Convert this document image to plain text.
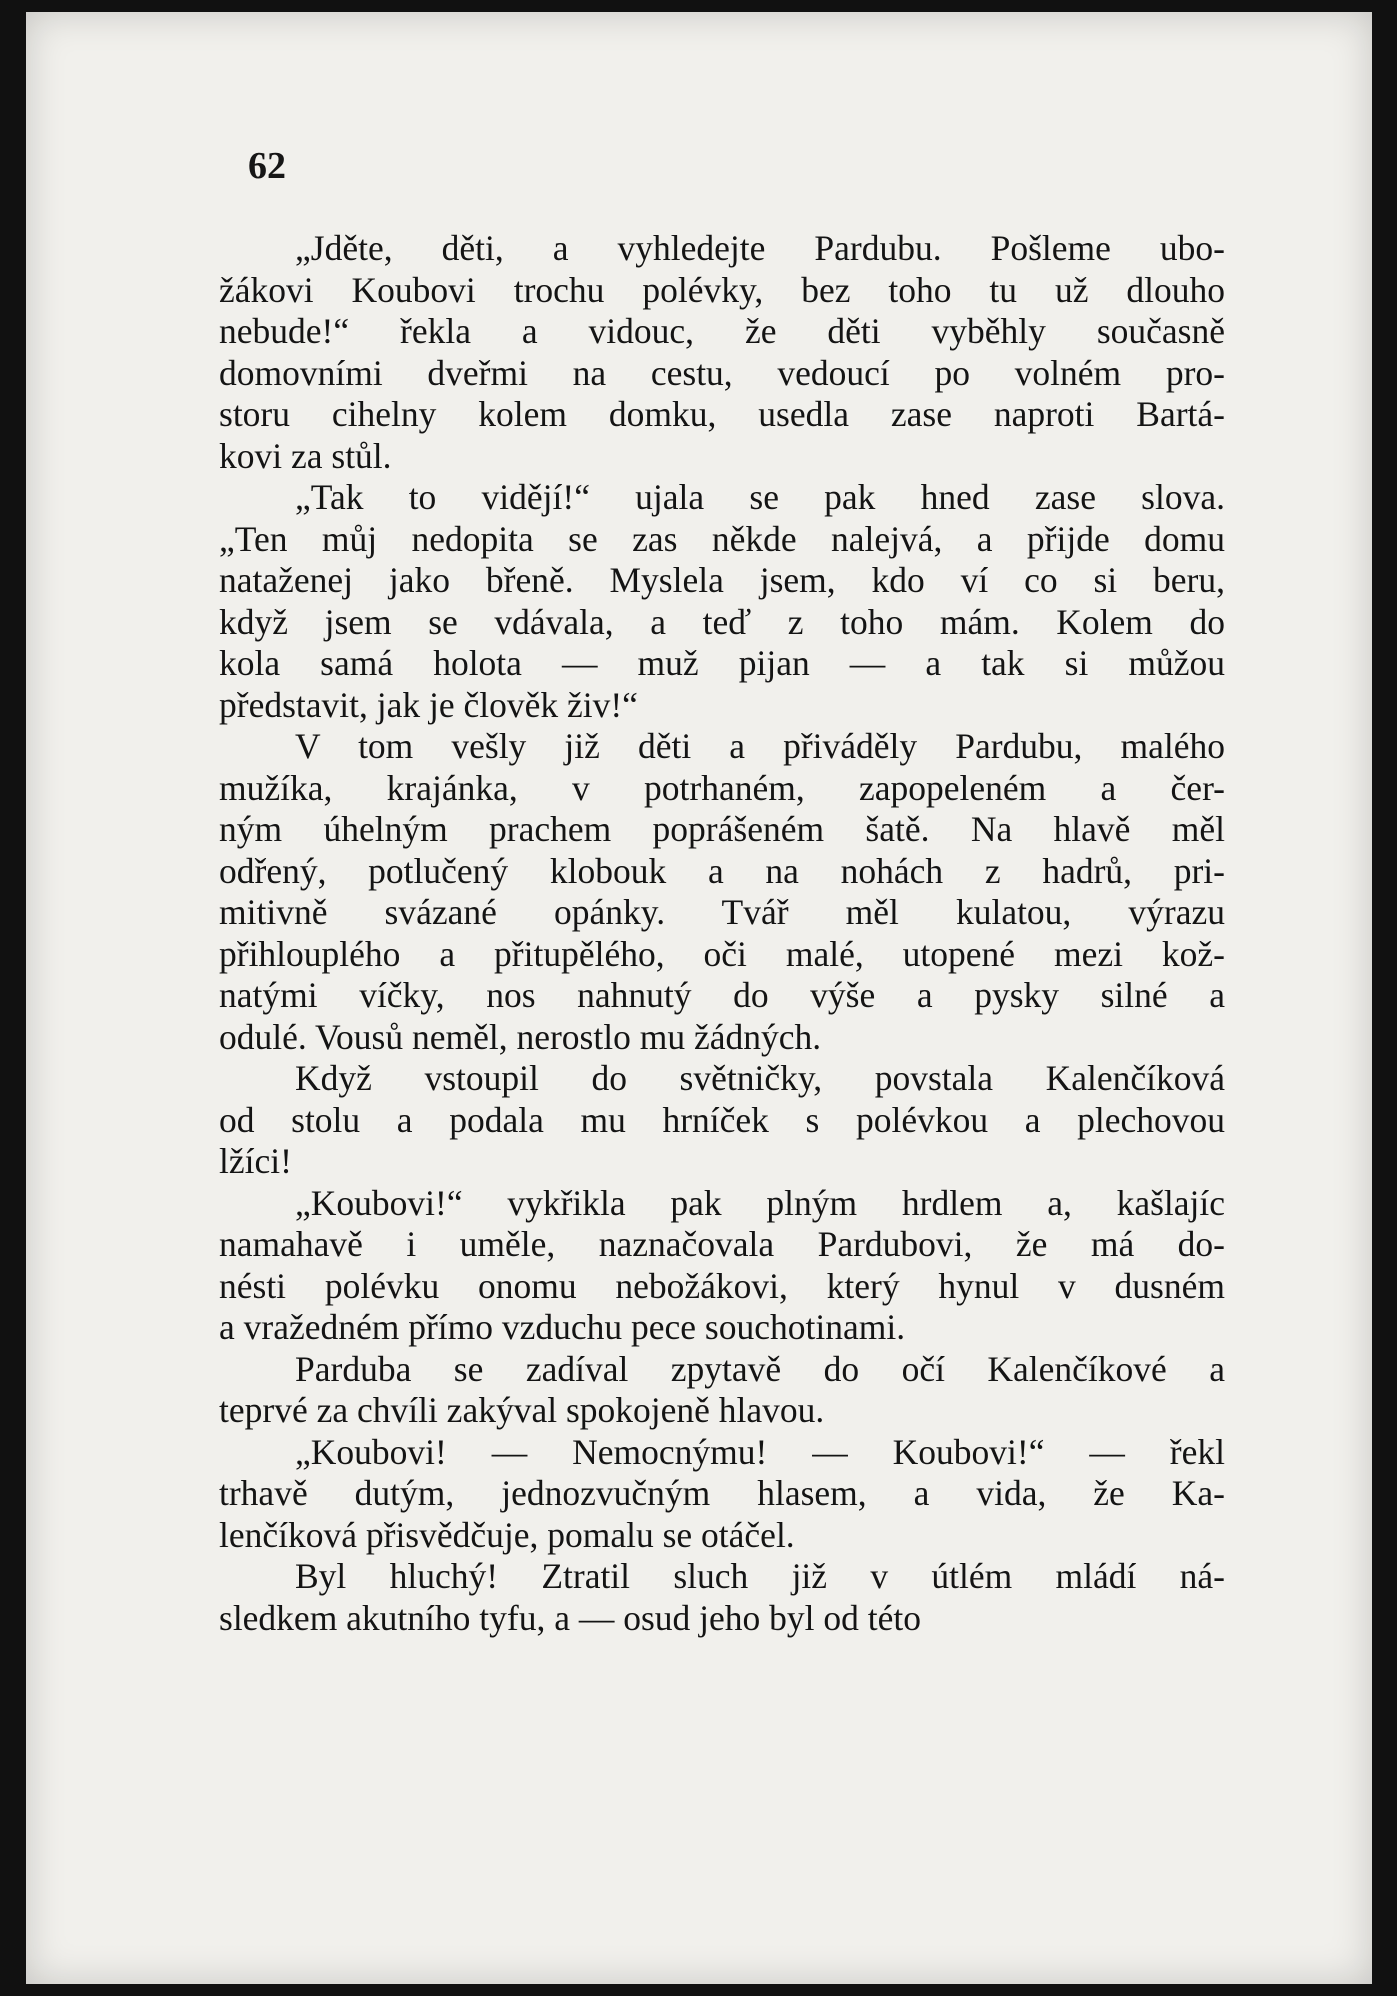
62
„Jděte, děti, a vyhledejte Pardubu. Pošleme ubo-
žákovi Koubovi trochu polévky, bez toho tu už dlouho
nebude!“ řekla a vidouc, že děti vyběhly současně
domovními dveřmi na cestu, vedoucí po volném pro-
storu cihelny kolem domku, usedla zase naproti Bartá-
kovi za stůl.
„Tak to vidějí!“ ujala se pak hned zase slova.
„Ten můj nedopita se zas někde nalejvá, a přijde domu
nataženej jako břeně. Myslela jsem, kdo ví co si beru,
když jsem se vdávala, a teď z toho mám. Kolem do
kola samá holota — muž pijan — a tak si můžou
představit, jak je člověk živ!“
V tom vešly již děti a přiváděly Pardubu, malého
mužíka, krajánka, v potrhaném, zapopeleném a čer-
ným úhelným prachem poprášeném šatě. Na hlavě měl
odřený, potlučený klobouk a na nohách z hadrů, pri-
mitivně svázané opánky. Tvář měl kulatou, výrazu
přihlouplého a přitupělého, oči malé, utopené mezi kož-
natými víčky, nos nahnutý do výše a pysky silné a
odulé. Vousů neměl, nerostlo mu žádných.
Když vstoupil do světničky, povstala Kalenčíková
od stolu a podala mu hrníček s polévkou a plechovou
lžíci!
„Koubovi!“ vykřikla pak plným hrdlem a, kašlajíc
namahavě i uměle, naznačovala Pardubovi, že má do-
nésti polévku onomu nebožákovi, který hynul v dusném
a vražedném přímo vzduchu pece souchotinami.
Parduba se zadíval zpytavě do očí Kalenčíkové a
teprvé za chvíli zakýval spokojeně hlavou.
„Koubovi! — Nemocnýmu! — Koubovi!“ — řekl
trhavě dutým, jednozvučným hlasem, a vida, že Ka-
lenčíková přisvědčuje, pomalu se otáčel.
Byl hluchý! Ztratil sluch již v útlém mládí ná-
sledkem akutního tyfu, a — osud jeho byl od této
